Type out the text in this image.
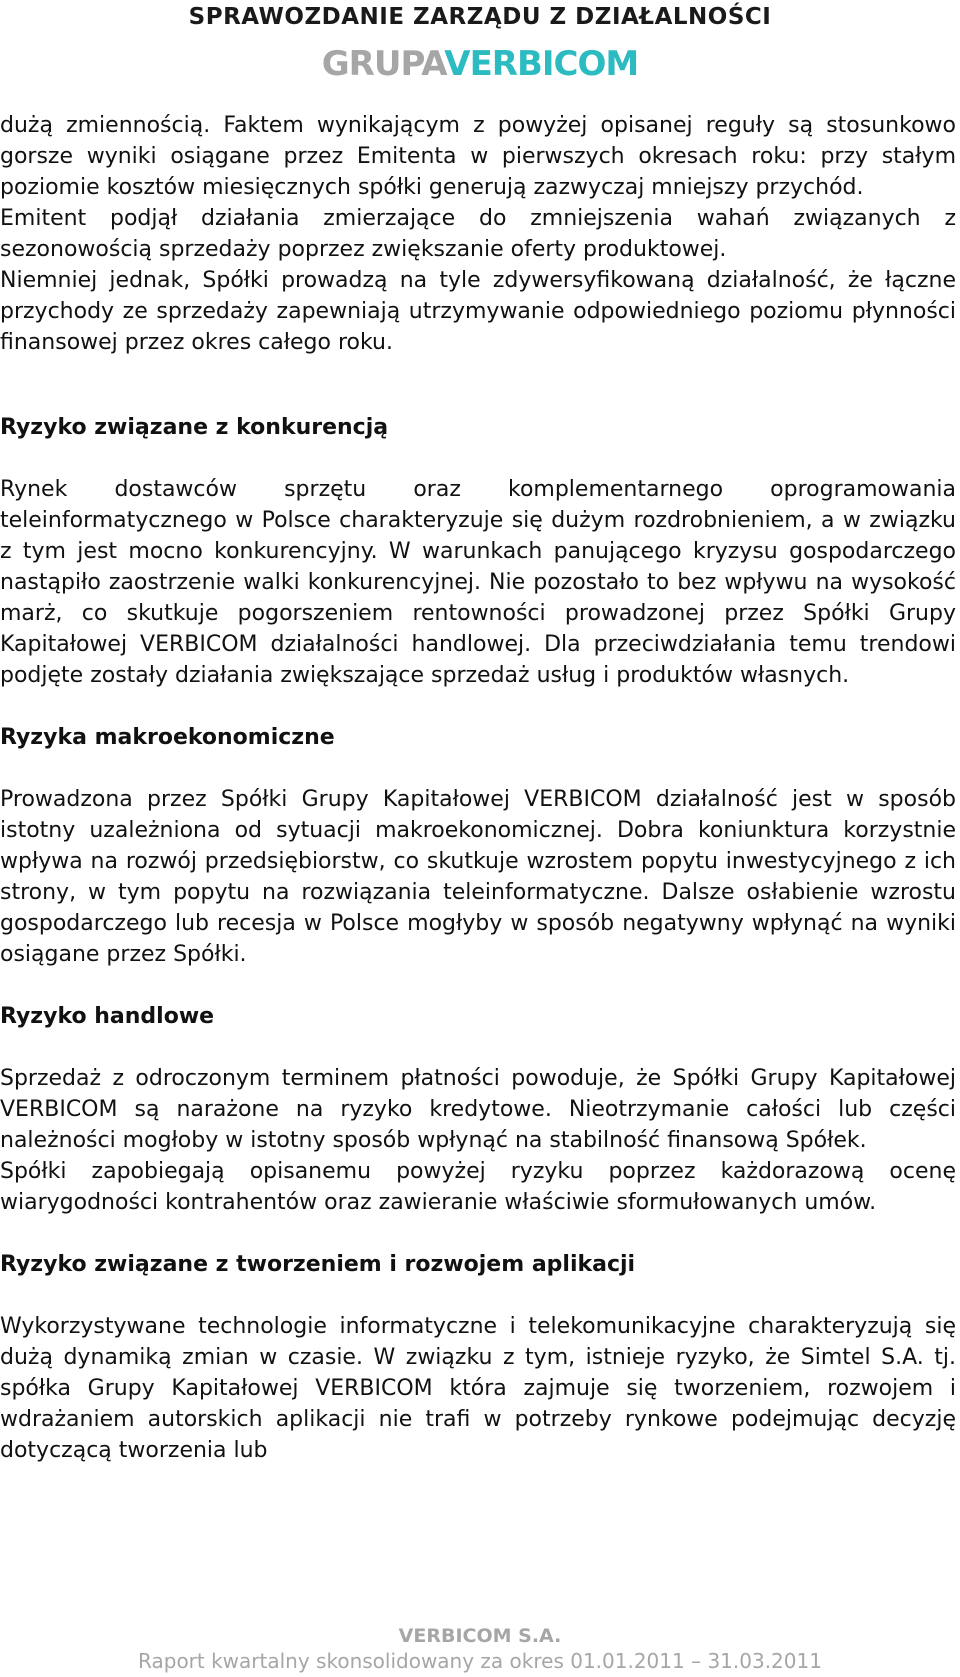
SPRAWOZDANIE ZARZĄDU Z DZIAŁALNOŚCI
GRUPAVERBICOM

dużą zmiennością. Faktem wynikającym z powyżej opisanej reguły są stosunkowo gorsze wyniki osiągane przez Emitenta w pierwszych okresach roku: przy stałym poziomie kosztów miesięcznych spółki generują zazwyczaj mniejszy przychód.

Emitent podjął działania zmierzające do zmniejszenia wahań związanych z sezonowością sprzedaży poprzez zwiększanie oferty produktowej.

Niemniej jednak, Spółki prowadzą na tyle zdywersyfikowaną działalność, że łączne przychody ze sprzedaży zapewniają utrzymywanie odpowiedniego poziomu płynności finansowej przez okres całego roku.

Ryzyko związane z konkurencją

Rynek dostawców sprzętu oraz komplementarnego oprogramowania teleinformatycznego w Polsce charakteryzuje się dużym rozdrobnieniem, a w związku z tym jest mocno konkurencyjny. W warunkach panującego kryzysu gospodarczego nastąpiło zaostrzenie walki konkurencyjnej. Nie pozostało to bez wpływu na wysokość marż, co skutkuje pogorszeniem rentowności prowadzonej przez Spółki Grupy Kapitałowej VERBICOM działalności handlowej. Dla przeciwdziałania temu trendowi podjęte zostały działania zwiększające sprzedaż usług i produktów własnych.

Ryzyka makroekonomiczne

Prowadzona przez Spółki Grupy Kapitałowej VERBICOM działalność jest w sposób istotny uzależniona od sytuacji makroekonomicznej. Dobra koniunktura korzystnie wpływa na rozwój przedsiębiorstw, co skutkuje wzrostem popytu inwestycyjnego z ich strony, w tym popytu na rozwiązania teleinformatyczne. Dalsze osłabienie wzrostu gospodarczego lub recesja w Polsce mogłyby w sposób negatywny wpłynąć na wyniki osiągane przez Spółki.

Ryzyko handlowe

Sprzedaż z odroczonym terminem płatności powoduje, że Spółki Grupy Kapitałowej VERBICOM są narażone na ryzyko kredytowe. Nieotrzymanie całości lub części należności mogłoby w istotny sposób wpłynąć na stabilność finansową Spółek.

Spółki zapobiegają opisanemu powyżej ryzyku poprzez każdorazową ocenę wiarygodności kontrahentów oraz zawieranie właściwie sformułowanych umów.

Ryzyko związane z tworzeniem i rozwojem aplikacji

Wykorzystywane technologie informatyczne i telekomunikacyjne charakteryzują się dużą dynamiką zmian w czasie. W związku z tym, istnieje ryzyko, że Simtel S.A. tj. spółka Grupy Kapitałowej VERBICOM która zajmuje się tworzeniem, rozwojem i wdrażaniem autorskich aplikacji nie trafi w potrzeby rynkowe podejmując decyzję dotyczącą tworzenia lub

VERBICOM S.A.
Raport kwartalny skonsolidowany za okres 01.01.2011 – 31.03.2011
